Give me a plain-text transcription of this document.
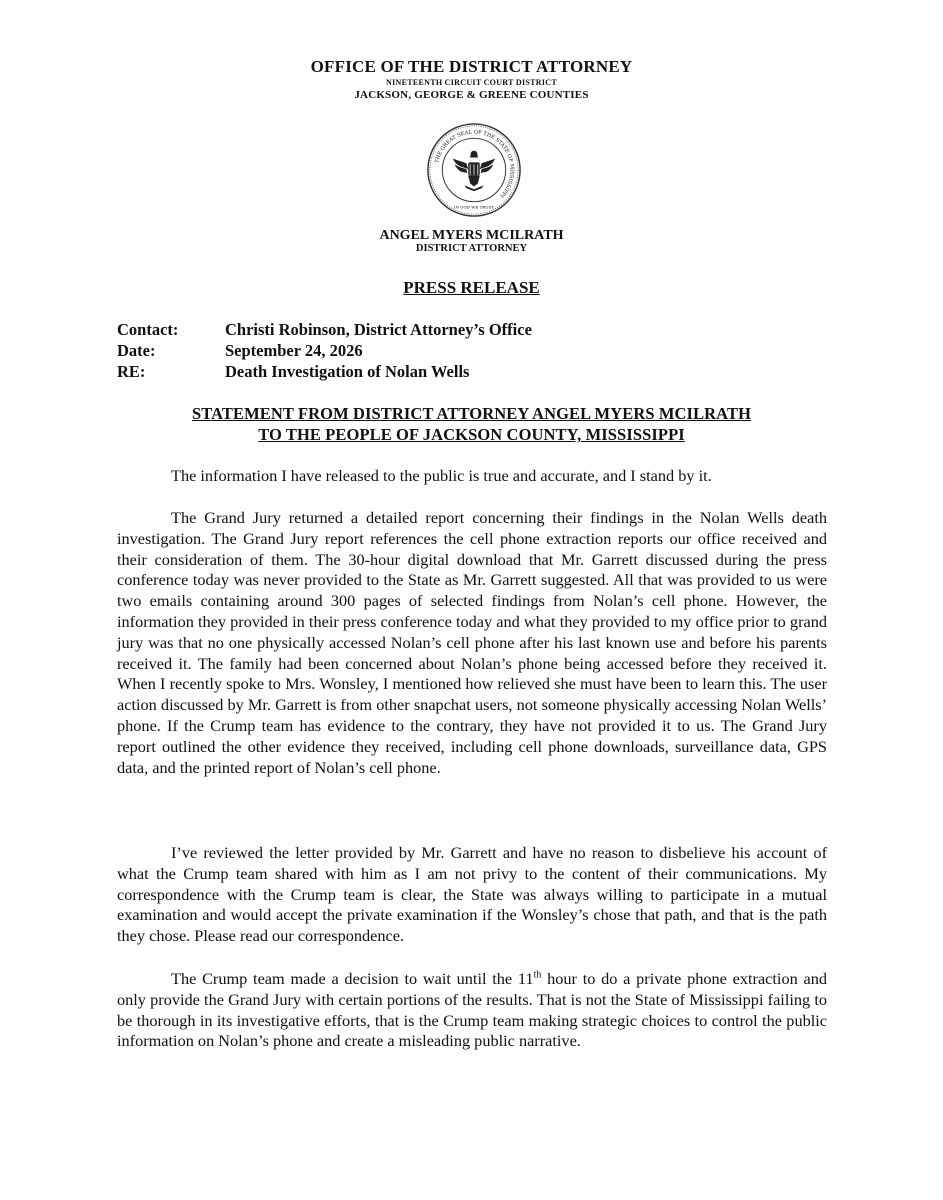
OFFICE OF THE DISTRICT ATTORNEY
NINETEENTH CIRCUIT COURT DISTRICT
JACKSON, GEORGE & GREENE COUNTIES
THE GREAT SEAL OF THE STATE OF MISSISSIPPI
IN GOD WE TRUST
ANGEL MYERS MCILRATH
DISTRICT ATTORNEY
PRESS RELEASE
Contact:	Christi Robinson, District Attorney’s Office
Date:	September 24, 2026
RE:	Death Investigation of Nolan Wells
STATEMENT FROM DISTRICT ATTORNEY ANGEL MYERS MCILRATH
TO THE PEOPLE OF JACKSON COUNTY, MISSISSIPPI

The information I have released to the public is true and accurate, and I stand by it.

The Grand Jury returned a detailed report concerning their findings in the Nolan Wells death investigation. The Grand Jury report references the cell phone extraction reports our office received and their consideration of them. The 30-hour digital download that Mr. Garrett discussed during the press conference today was never provided to the State as Mr. Garrett suggested. All that was provided to us were two emails containing around 300 pages of selected findings from Nolan’s cell phone. However, the information they provided in their press conference today and what they provided to my office prior to grand jury was that no one physically accessed Nolan’s cell phone after his last known use and before his parents received it. The family had been concerned about Nolan’s phone being accessed before they received it. When I recently spoke to Mrs. Wonsley, I mentioned how relieved she must have been to learn this. The user action discussed by Mr. Garrett is from other snapchat users, not someone physically accessing Nolan Wells’ phone. If the Crump team has evidence to the contrary, they have not provided it to us. The Grand Jury report outlined the other evidence they received, including cell phone downloads, surveillance data, GPS data, and the printed report of Nolan’s cell phone.

I’ve reviewed the letter provided by Mr. Garrett and have no reason to disbelieve his account of what the Crump team shared with him as I am not privy to the content of their communications. My correspondence with the Crump team is clear, the State was always willing to participate in a mutual examination and would accept the private examination if the Wonsley’s chose that path, and that is the path they chose. Please read our correspondence.

The Crump team made a decision to wait until the 11th hour to do a private phone extraction and only provide the Grand Jury with certain portions of the results. That is not the State of Mississippi failing to be thorough in its investigative efforts, that is the Crump team making strategic choices to control the public information on Nolan’s phone and create a misleading public narrative.
